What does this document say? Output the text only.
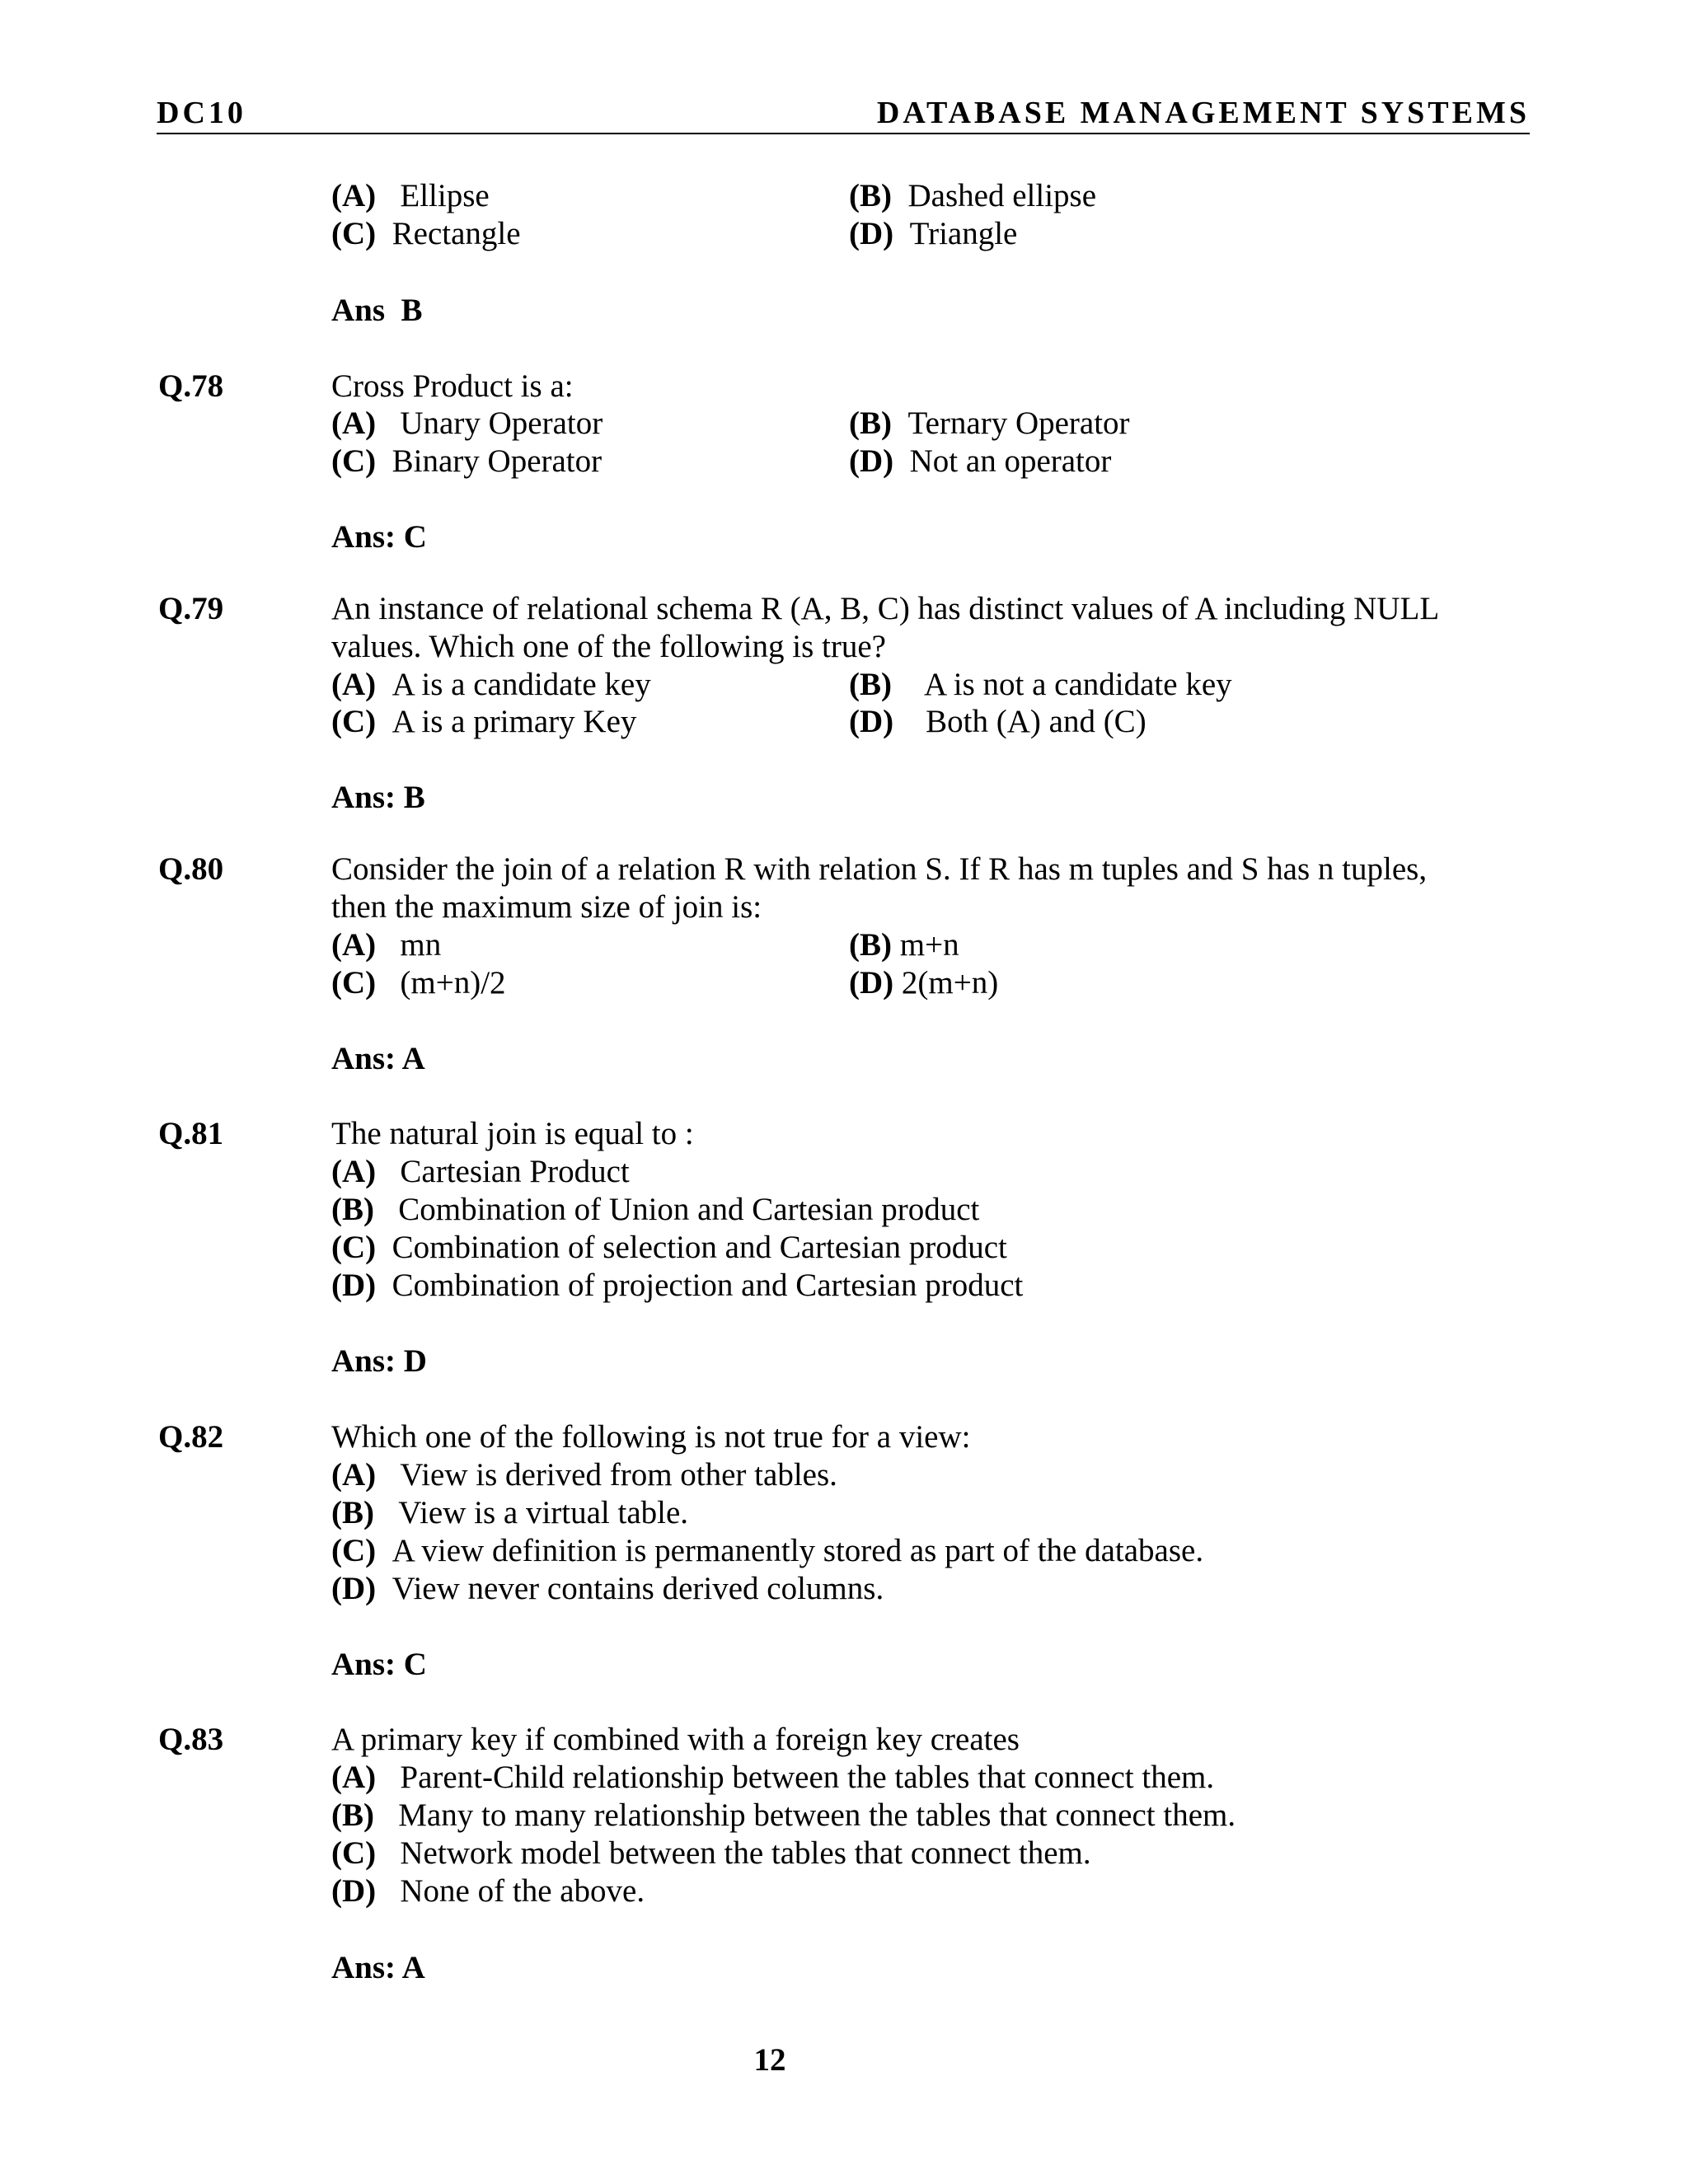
DC10	DATABASE MANAGEMENT SYSTEMS
(A) Ellipse	(B) Dashed ellipse
(C) Rectangle	(D) Triangle
Ans  B
Q.78	Cross Product is a:
(A) Unary Operator	(B) Ternary Operator
(C) Binary Operator	(D) Not an operator
Ans: C
Q.79	An instance of relational schema R (A, B, C) has distinct values of A including NULL
values. Which one of the following is true?
(A) A is a candidate key	(B) A is not a candidate key
(C) A is a primary Key	(D) Both (A) and (C)
Ans: B
Q.80	Consider the join of a relation R with relation S. If R has m tuples and S has n tuples,
then the maximum size of join is:
(A) mn	(B) m+n
(C) (m+n)/2	(D) 2(m+n)
Ans: A
Q.81	The natural join is equal to :
(A) Cartesian Product
(B) Combination of Union and Cartesian product
(C) Combination of selection and Cartesian product
(D) Combination of projection and Cartesian product
Ans: D
Q.82	Which one of the following is not true for a view:
(A) View is derived from other tables.
(B) View is a virtual table.
(C) A view definition is permanently stored as part of the database.
(D) View never contains derived columns.
Ans: C
Q.83	A primary key if combined with a foreign key creates
(A) Parent-Child relationship between the tables that connect them.
(B) Many to many relationship between the tables that connect them.
(C) Network model between the tables that connect them.
(D) None of the above.
Ans: A
12
